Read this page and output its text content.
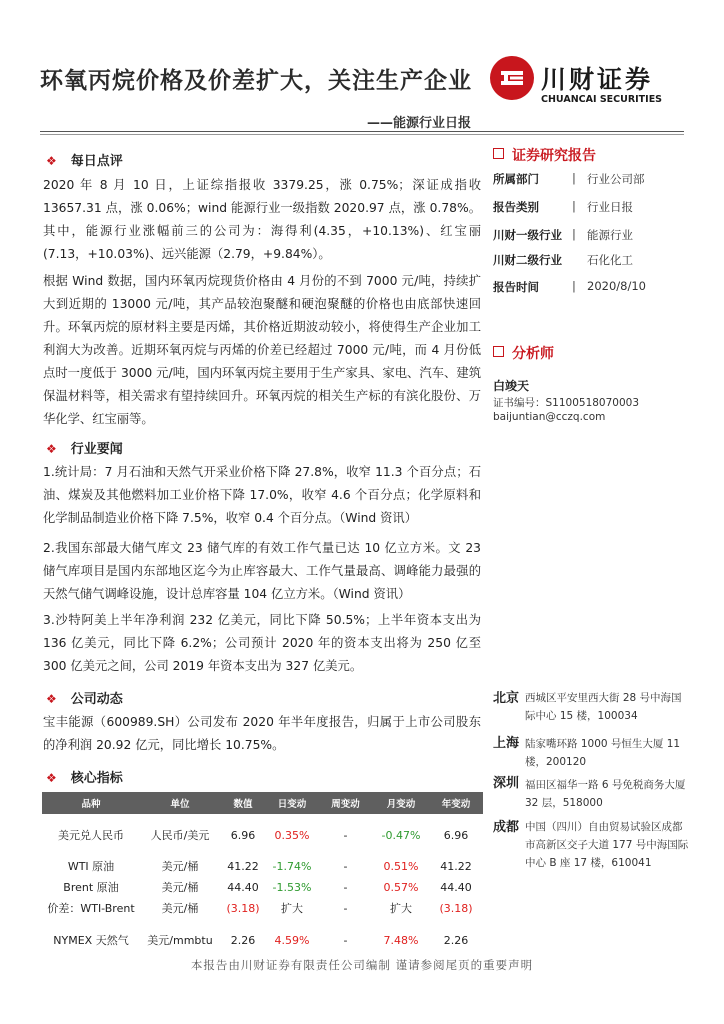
环氧丙烷价格及价差扩大，关注生产企业	川财证券
CHUANCAI SECURITIES
——能源行业日报
❖ 每日点评
2020 年 8 月 10 日，上证综指报收 3379.25，涨 0.75%；深证成指收 13657.31 点，涨 0.06%；wind 能源行业一级指数 2020.97 点，涨 0.78%。其中，能源行业涨幅前三的公司为：海得利(4.35，+10.13%)、红宝丽(7.13，+10.03%)、远兴能源（2.79，+9.84%）。
根据 Wind 数据，国内环氧丙烷现货价格由 4 月份的不到 7000 元/吨，持续扩大到近期的 13000 元/吨，其产品较泡聚醚和硬泡聚醚的价格也由底部快速回升。环氧丙烷的原材料主要是丙烯，其价格近期波动较小，将使得生产企业加工利润大为改善。近期环氧丙烷与丙烯的价差已经超过 7000 元/吨，而 4 月份低点时一度低于 3000 元/吨，国内环氧丙烷主要用于生产家具、家电、汽车、建筑保温材料等，相关需求有望持续回升。环氧丙烷的相关生产标的有滨化股份、万华化学、红宝丽等。
❖ 行业要闻
1.统计局：7 月石油和天然气开采业价格下降 27.8%，收窄 11.3 个百分点；石油、煤炭及其他燃料加工业价格下降 17.0%，收窄 4.6 个百分点；化学原料和化学制品制造业价格下降 7.5%，收窄 0.4 个百分点。（Wind 资讯）
2.我国东部最大储气库文 23 储气库的有效工作气量已达 10 亿立方米。文 23 储气库项目是国内东部地区迄今为止库容最大、工作气量最高、调峰能力最强的天然气储气调峰设施，设计总库容量 104 亿立方米。（Wind 资讯）
3.沙特阿美上半年净利润 232 亿美元，同比下降 50.5%；上半年资本支出为 136 亿美元，同比下降 6.2%；公司预计 2020 年的资本支出将为 250 亿至 300 亿美元之间，公司 2019 年资本支出为 327 亿美元。
❖ 公司动态
宝丰能源（600989.SH）公司发布 2020 年半年度报告，归属于上市公司股东的净利润 20.92 亿元，同比增长 10.75%。
❖ 核心指标
品种	单位	数值	日变动	周变动	月变动	年变动
美元兑人民币	人民币/美元	6.96	0.35%	-	-0.47%	6.96
WTI 原油	美元/桶	41.22	-1.74%	-	0.51%	41.22
Brent 原油	美元/桶	44.40	-1.53%	-	0.57%	44.40
价差：WTI-Brent	美元/桶	(3.18)	扩大	-	扩大	(3.18)
NYMEX 天然气	美元/mmbtu	2.26	4.59%	-	7.48%	2.26
证券研究报告
所属部门	| 行业公司部
报告类别	| 行业日报
川财一级行业 | 能源行业
川财二级行业 石化化工
报告时间	| 2020/8/10
分析师
白竣天
证书编号：S1100518070003
baijuntian@cczq.com
北京 西城区平安里西大街 28 号中海国际中心 15 楼，100034
上海 陆家嘴环路 1000 号恒生大厦 11 楼，200120
深圳 福田区福华一路 6 号免税商务大厦 32 层，518000
成都 中国（四川）自由贸易试验区成都市高新区交子大道 177 号中海国际中心 B 座 17 楼，610041
本报告由川财证券有限责任公司编制 谨请参阅尾页的重要声明
